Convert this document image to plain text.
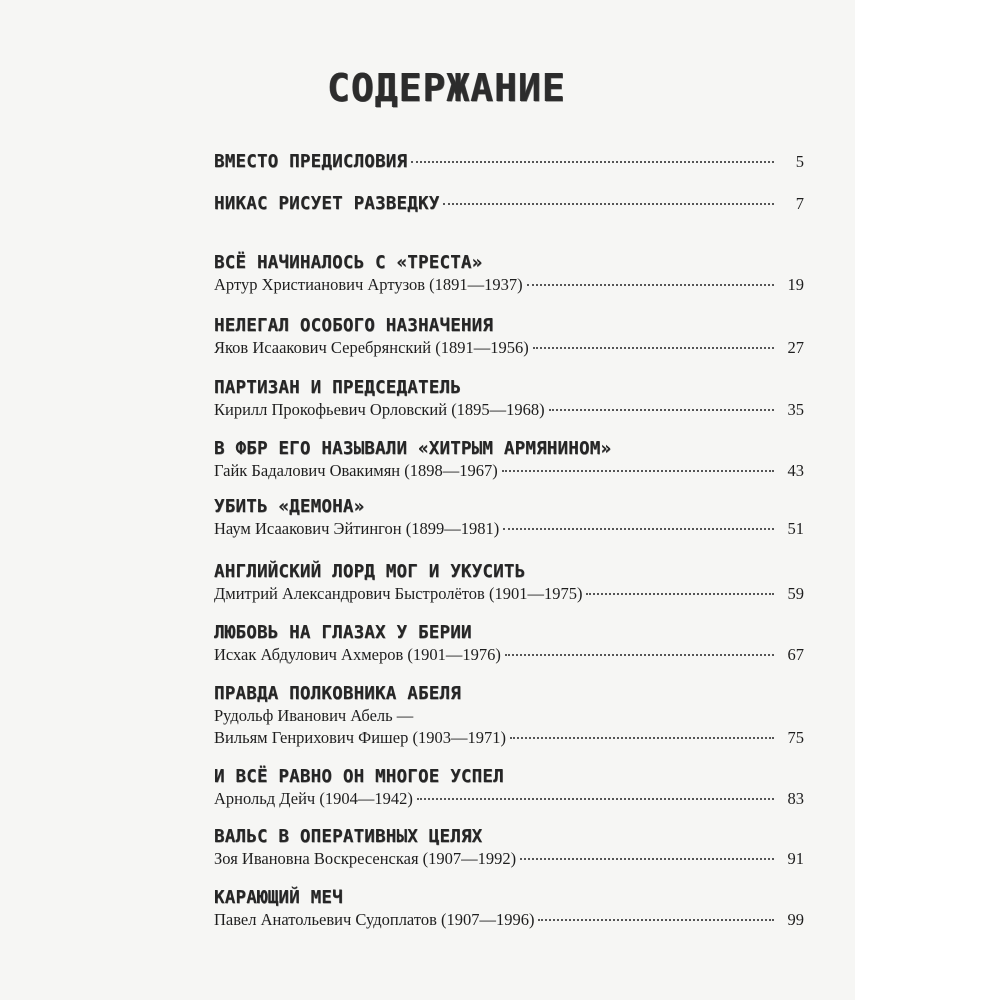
СОДЕРЖАНИЕ
ВМЕСТО ПРЕДИСЛОВИЯ	5
НИКАС РИСУЕТ РАЗВЕДКУ	7
ВСЁ НАЧИНАЛОСЬ С «ТРЕСТА»
Артур Христианович Артузов (1891—1937)	19
НЕЛЕГАЛ ОСОБОГО НАЗНАЧЕНИЯ
Яков Исаакович Серебрянский (1891—1956)	27
ПАРТИЗАН И ПРЕДСЕДАТЕЛЬ
Кирилл Прокофьевич Орловский (1895—1968)	35
В ФБР ЕГО НАЗЫВАЛИ «ХИТРЫМ АРМЯНИНОМ»
Гайк Бадалович Овакимян (1898—1967)	43
УБИТЬ «ДЕМОНА»
Наум Исаакович Эйтингон (1899—1981)	51
АНГЛИЙСКИЙ ЛОРД МОГ И УКУСИТЬ
Дмитрий Александрович Быстролётов (1901—1975)	59
ЛЮБОВЬ НА ГЛАЗАХ У БЕРИИ
Исхак Абдулович Ахмеров (1901—1976)	67
ПРАВДА ПОЛКОВНИКА АБЕЛЯ
Рудольф Иванович Абель —
Вильям Генрихович Фишер (1903—1971)	75
И ВСЁ РАВНО ОН МНОГОЕ УСПЕЛ
Арнольд Дейч (1904—1942)	83
ВАЛЬС В ОПЕРАТИВНЫХ ЦЕЛЯХ
Зоя Ивановна Воскресенская (1907—1992)	91
КАРАЮЩИЙ МЕЧ
Павел Анатольевич Судоплатов (1907—1996)	99
